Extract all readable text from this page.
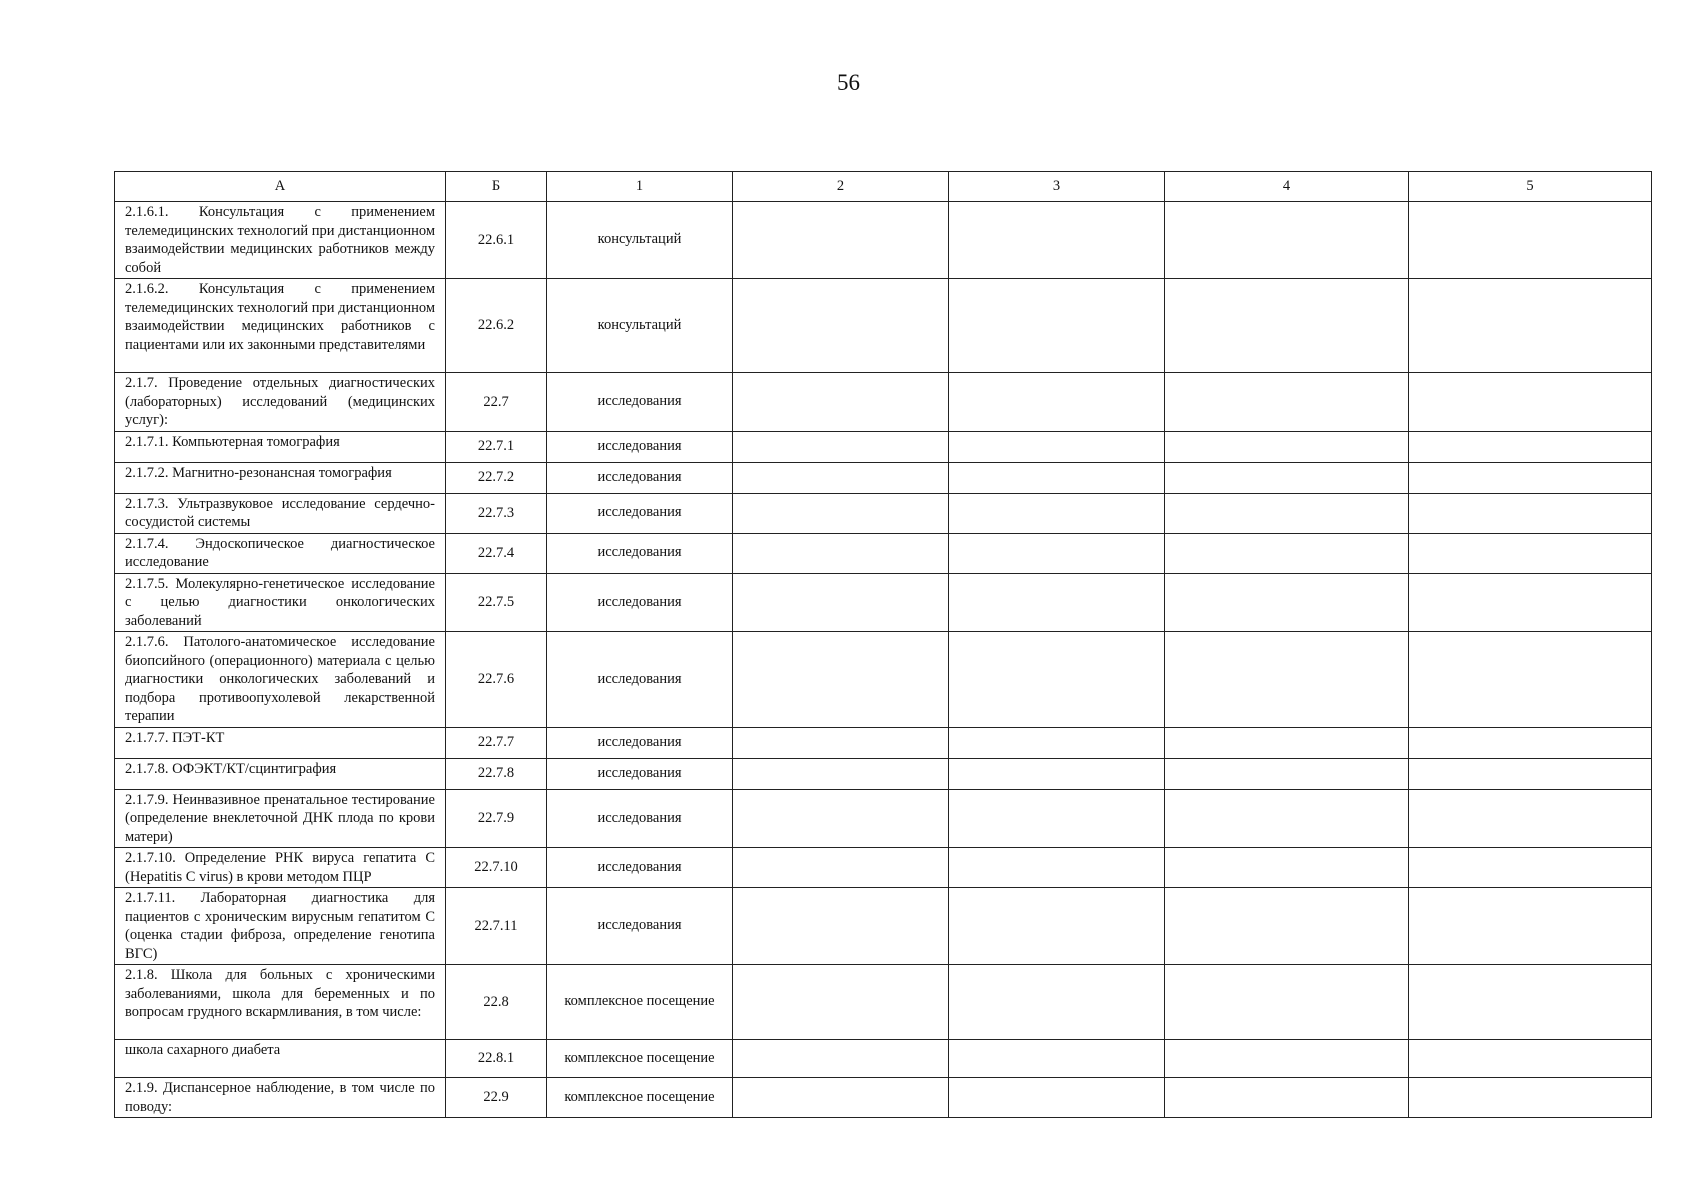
56
А	Б	1	2	3	4	5
2.1.6.1. Консультация с применением телемедицинских технологий при дистанционном взаимодействии медицинских работников между собой	22.6.1	консультаций				
2.1.6.2. Консультация с применением телемедицинских технологий при дистанционном взаимодействии медицинских работников с пациентами или их законными представителями	22.6.2	консультаций				
2.1.7. Проведение отдельных диагностических (лабораторных) исследований (медицинских услуг):	22.7	исследования				
2.1.7.1. Компьютерная томография	22.7.1	исследования				
2.1.7.2. Магнитно-резонансная томография	22.7.2	исследования				
2.1.7.3. Ультразвуковое исследование сердечно-сосудистой системы	22.7.3	исследования				
2.1.7.4. Эндоскопическое диагностическое исследование	22.7.4	исследования				
2.1.7.5. Молекулярно-генетическое исследование с целью диагностики онкологических заболеваний	22.7.5	исследования				
2.1.7.6. Патолого-анатомическое исследование биопсийного (операционного) материала с целью диагностики онкологических заболеваний и подбора противоопухолевой лекарственной терапии	22.7.6	исследования				
2.1.7.7. ПЭТ-КТ	22.7.7	исследования				
2.1.7.8. ОФЭКТ/КТ/сцинтиграфия	22.7.8	исследования				
2.1.7.9. Неинвазивное пренатальное тестирование (определение внеклеточной ДНК плода по крови матери)	22.7.9	исследования				
2.1.7.10. Определение РНК вируса гепатита C (Hepatitis C virus) в крови методом ПЦР	22.7.10	исследования				
2.1.7.11. Лабораторная диагностика для пациентов с хроническим вирусным гепатитом С (оценка стадии фиброза, определение генотипа ВГС)	22.7.11	исследования				
2.1.8. Школа для больных с хроническими заболеваниями, школа для беременных и по вопросам грудного вскармливания, в том числе:	22.8	комплексное посещение				
школа сахарного диабета	22.8.1	комплексное посещение				
2.1.9. Диспансерное наблюдение, в том числе по поводу:	22.9	комплексное посещение				
